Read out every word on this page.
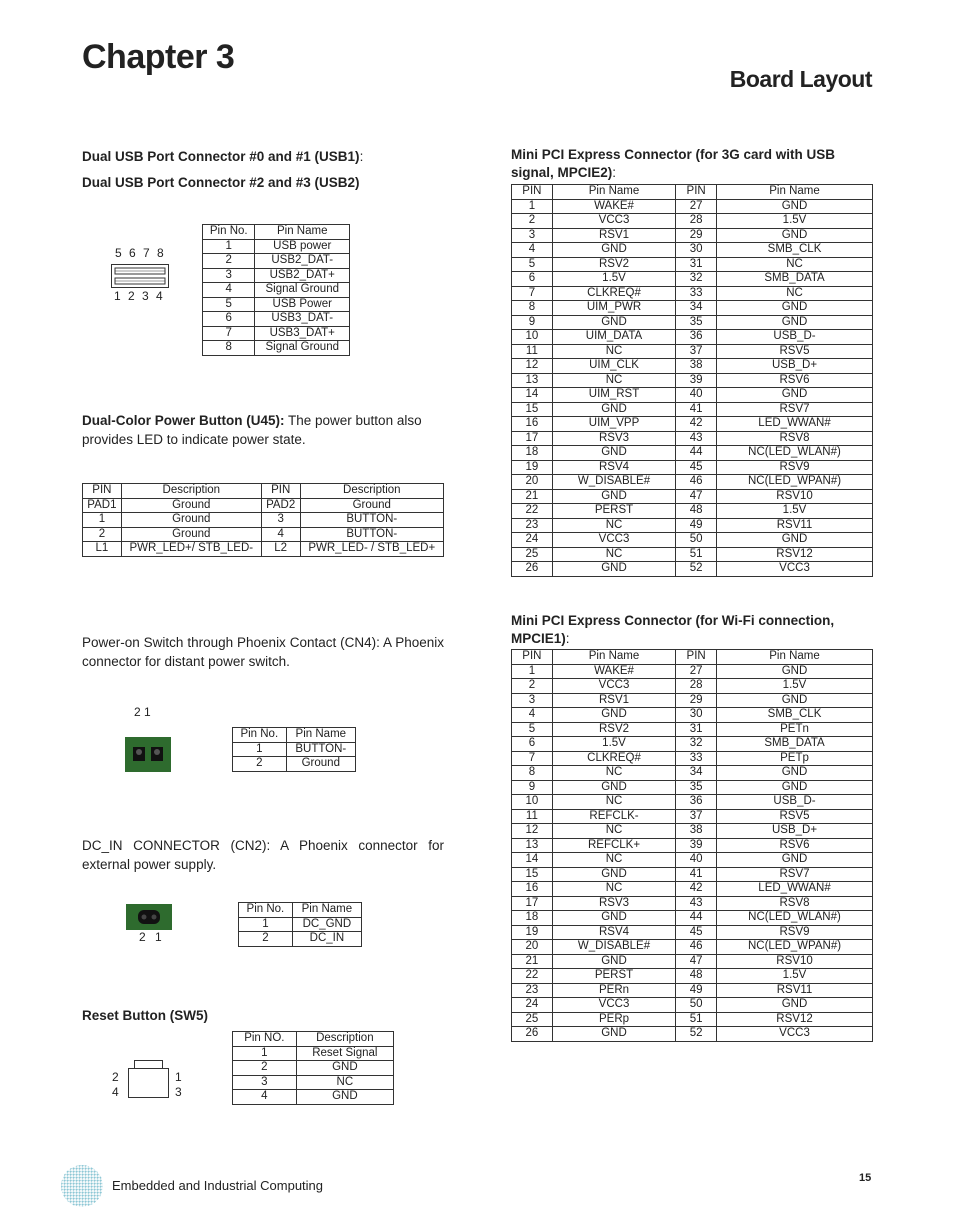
Chapter 3
Board Layout
Dual USB Port Connector #0 and #1 (USB1):
Dual USB Port Connector #2 and #3 (USB2)
5 6 7 8
1 2 3 4
Pin No.	Pin Name
1	USB power
2	USB2_DAT-
3	USB2_DAT+
4	Signal Ground
5	USB Power
6	USB3_DAT-
7	USB3_DAT+
8	Signal Ground
Dual-Color Power Button (U45): The power button also provides LED to indicate power state.
PIN	Description	PIN	Description
PAD1	Ground	PAD2	Ground
1	Ground	3	BUTTON-
2	Ground	4	BUTTON-
L1	PWR_LED+/ STB_LED-	L2	PWR_LED- / STB_LED+
Power-on Switch through Phoenix Contact (CN4): A Phoenix connector for distant power switch.
2 1
Pin No.	Pin Name
1	BUTTON-
2	Ground
DC_IN CONNECTOR (CN2): A Phoenix connector for external power supply.
2 1
Pin No.	Pin Name
1	DC_GND
2	DC_IN
Reset Button (SW5)
2
4
1
3
Pin NO.	Description
1	Reset Signal
2	GND
3	NC
4	GND
Mini PCI Express Connector (for 3G card with USB signal, MPCIE2):
PIN	Pin Name	PIN	Pin Name
1	WAKE#	27	GND
2	VCC3	28	1.5V
3	RSV1	29	GND
4	GND	30	SMB_CLK
5	RSV2	31	NC
6	1.5V	32	SMB_DATA
7	CLKREQ#	33	NC
8	UIM_PWR	34	GND
9	GND	35	GND
10	UIM_DATA	36	USB_D-
11	NC	37	RSV5
12	UIM_CLK	38	USB_D+
13	NC	39	RSV6
14	UIM_RST	40	GND
15	GND	41	RSV7
16	UIM_VPP	42	LED_WWAN#
17	RSV3	43	RSV8
18	GND	44	NC(LED_WLAN#)
19	RSV4	45	RSV9
20	W_DISABLE#	46	NC(LED_WPAN#)
21	GND	47	RSV10
22	PERST	48	1.5V
23	NC	49	RSV11
24	VCC3	50	GND
25	NC	51	RSV12
26	GND	52	VCC3
Mini PCI Express Connector (for Wi-Fi connection, MPCIE1):
PIN	Pin Name	PIN	Pin Name
1	WAKE#	27	GND
2	VCC3	28	1.5V
3	RSV1	29	GND
4	GND	30	SMB_CLK
5	RSV2	31	PETn
6	1.5V	32	SMB_DATA
7	CLKREQ#	33	PETp
8	NC	34	GND
9	GND	35	GND
10	NC	36	USB_D-
11	REFCLK-	37	RSV5
12	NC	38	USB_D+
13	REFCLK+	39	RSV6
14	NC	40	GND
15	GND	41	RSV7
16	NC	42	LED_WWAN#
17	RSV3	43	RSV8
18	GND	44	NC(LED_WLAN#)
19	RSV4	45	RSV9
20	W_DISABLE#	46	NC(LED_WPAN#)
21	GND	47	RSV10
22	PERST	48	1.5V
23	PERn	49	RSV11
24	VCC3	50	GND
25	PERp	51	RSV12
26	GND	52	VCC3
Embedded and Industrial Computing	15
